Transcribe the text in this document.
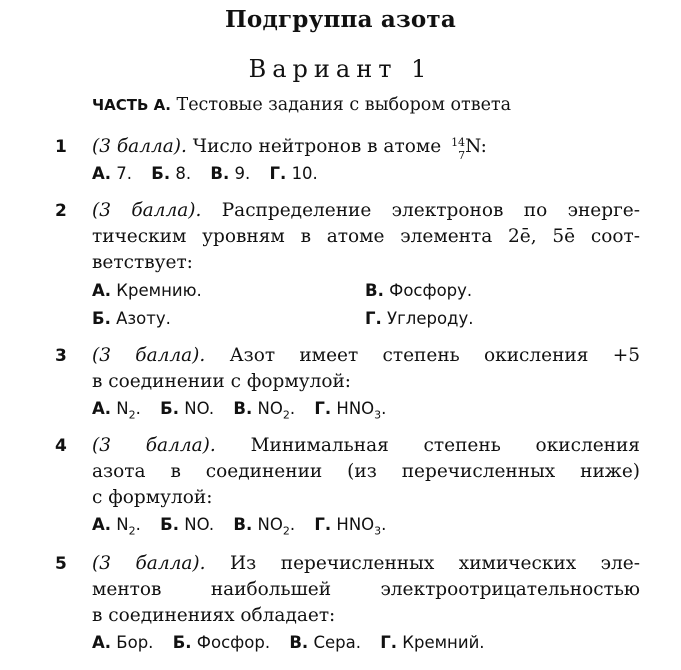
Подгруппа азота
Вариант 1
ЧАСТЬ А. Тестовые задания с выбором ответа
1 (3 балла). Число нейтронов в атоме 14
7 N:
А. 7. Б. 8. В. 9. Г. 10.
2 (3 балла). Распределение электронов по энерге-
тическим уровням в атоме элемента 2ē, 5ē соот-
ветствует:
А. Кремнию.	В. Фосфору.
Б. Азоту.	Г. Углероду.
3 (3 балла). Азот имеет степень окисления +5
в соединении с формулой:
А. $N_2$. Б. NO. В. $NO_2$. Г. $HNO_3$.
4 (3 балла). Минимальная степень окисления
азота в соединении (из перечисленных ниже)
с формулой:
А. $N_2$. Б. NO. В. $NO_2$. Г. $HNO_3$.
5 (3 балла). Из перечисленных химических эле-
ментов наибольшей электроотрицательностью
в соединениях обладает:
А. Бор. Б. Фосфор. В. Сера. Г. Кремний.
